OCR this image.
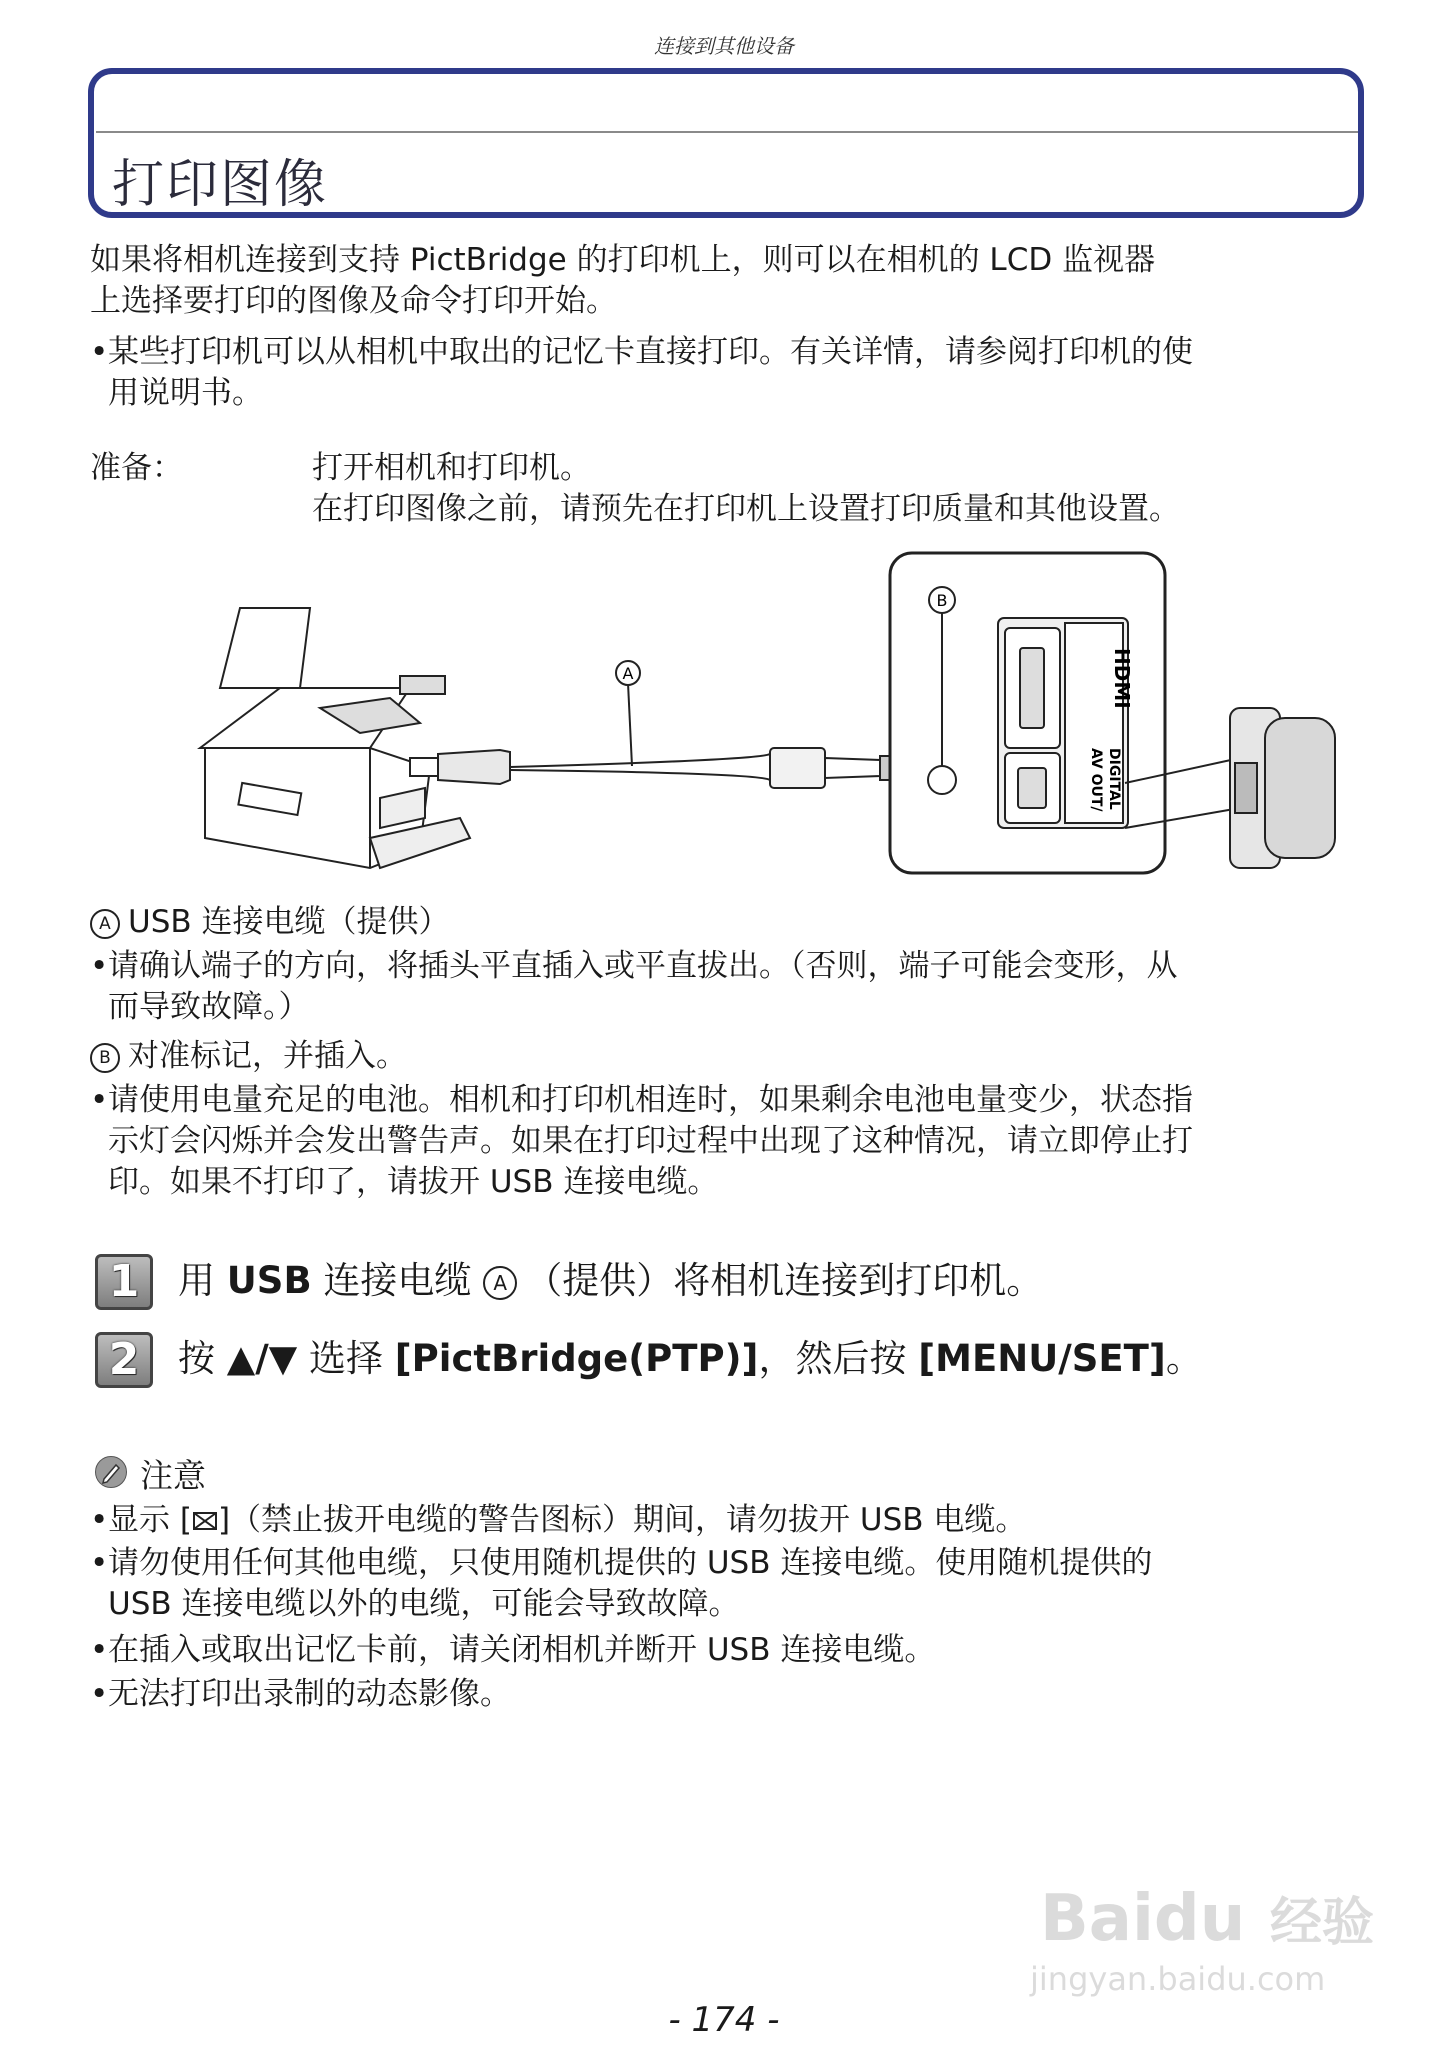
连接到其他设备
打印图像
如果将相机连接到支持 PictBridge 的打印机上，则可以在相机的 LCD 监视器
上选择要打印的图像及命令打印开始。
• 某些打印机可以从相机中取出的记忆卡直接打印。有关详情，请参阅打印机的使
用说明书。
准备：	打开相机和打印机。
在打印图像之前，请预先在打印机上设置打印质量和其他设置。
A
B
HDMI
AV OUT/ DIGITAL
A USB 连接电缆（提供）
• 请确认端子的方向，将插头平直插入或平直拔出。（否则，端子可能会变形，从
而导致故障。）
B 对准标记，并插入。
• 请使用电量充足的电池。相机和打印机相连时，如果剩余电池电量变少，状态指
示灯会闪烁并会发出警告声。如果在打印过程中出现了这种情况，请立即停止打
印。如果不打印了，请拔开 USB 连接电缆。
1	用 USB 连接电缆 A （提供）将相机连接到打印机。
2	按 ▲/▼ 选择 [PictBridge(PTP)]，然后按 [MENU/SET]。
注意
• 显示 [ ]（禁止拔开电缆的警告图标）期间，请勿拔开 USB 电缆。
• 请勿使用任何其他电缆，只使用随机提供的 USB 连接电缆。使用随机提供的
USB 连接电缆以外的电缆，可能会导致故障。
• 在插入或取出记忆卡前，请关闭相机并断开 USB 连接电缆。
• 无法打印出录制的动态影像。
Baidu 经验
jingyan.baidu.com
- 174 -
